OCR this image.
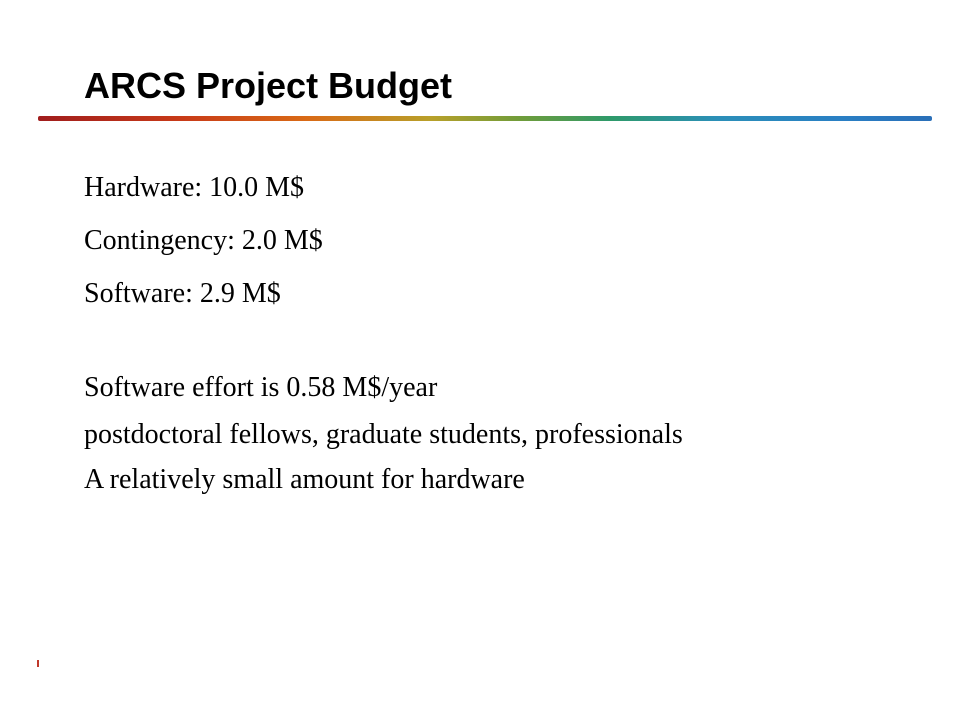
ARCS Project Budget

Hardware: 10.0 M$

Contingency: 2.0 M$

Software: 2.9 M$

Software effort is 0.58 M$/year

postdoctoral fellows, graduate students, professionals

A relatively small amount for hardware
